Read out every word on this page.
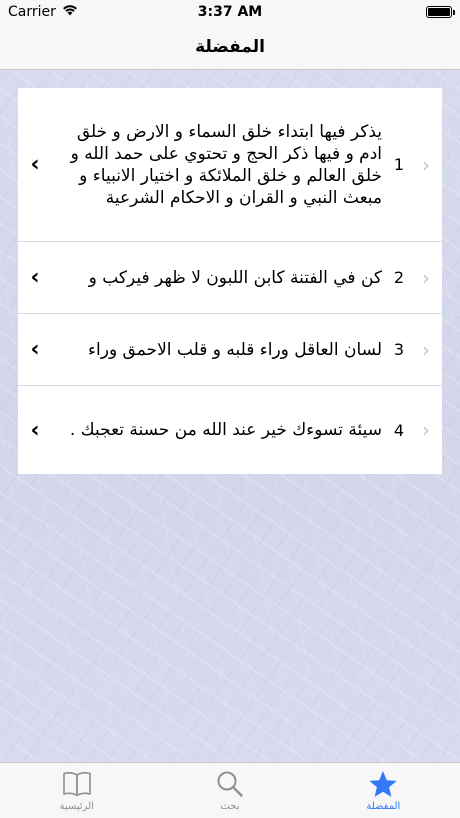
Carrier	3:37 AM
المفضلة
›
1
يذكر فيها ابتداء خلق السماء و الارض و خلق ادم و فيها ذكر الحج و تحتوي على حمد الله و خلق العالم و خلق الملائكة و اختيار الانبياء و مبعث النبي و القران و الاحكام الشرعية
‹
›
2
كن في الفتنة كابن اللبون لا ظهر فيركب و
‹
›
3
لسان العاقل وراء قلبه و قلب الاحمق وراء
‹
›
4
سيئة تسوءك خير عند الله من حسنة تعجبك .
‹
المفضلة
بحث
الرئيسية
